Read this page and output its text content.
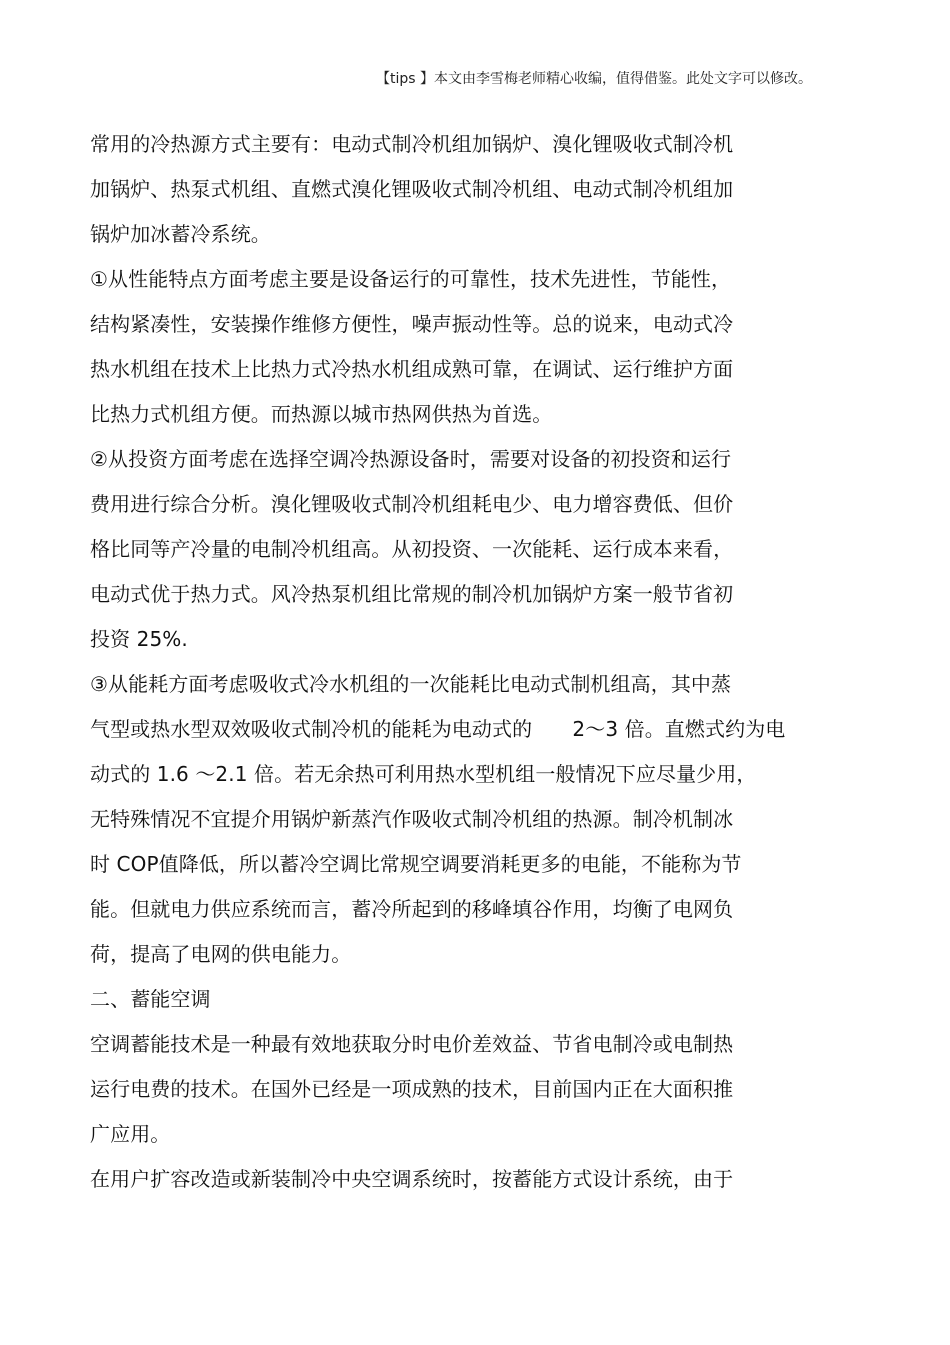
【tips 】本文由李雪梅老师精心收编，值得借鉴。此处文字可以修改。
常用的冷热源方式主要有：电动式制冷机组加锅炉、溴化锂吸收式制冷机
加锅炉、热泵式机组、直燃式溴化锂吸收式制冷机组、电动式制冷机组加
锅炉加冰蓄冷系统。
①从性能特点方面考虑主要是设备运行的可靠性，技术先进性，节能性，
结构紧凑性，安装操作维修方便性，噪声振动性等。总的说来，电动式冷
热水机组在技术上比热力式冷热水机组成熟可靠，在调试、运行维护方面
比热力式机组方便。而热源以城市热网供热为首选。
②从投资方面考虑在选择空调冷热源设备时，需要对设备的初投资和运行
费用进行综合分析。溴化锂吸收式制冷机组耗电少、电力增容费低、但价
格比同等产冷量的电制冷机组高。从初投资、一次能耗、运行成本来看，
电动式优于热力式。风冷热泵机组比常规的制冷机加锅炉方案一般节省初
投资 25%.
③从能耗方面考虑吸收式冷水机组的一次能耗比电动式制机组高，其中蒸
气型或热水型双效吸收式制冷机的能耗为电动式的　　2～3 倍。直燃式约为电
动式的 1.6 ～2.1 倍。若无余热可利用热水型机组一般情况下应尽量少用，
无特殊情况不宜提介用锅炉新蒸汽作吸收式制冷机组的热源。制冷机制冰
时 COP值降低，所以蓄冷空调比常规空调要消耗更多的电能，不能称为节
能。但就电力供应系统而言，蓄冷所起到的移峰填谷作用，均衡了电网负
荷，提高了电网的供电能力。
二、蓄能空调
空调蓄能技术是一种最有效地获取分时电价差效益、节省电制冷或电制热
运行电费的技术。在国外已经是一项成熟的技术，目前国内正在大面积推
广应用。
在用户扩容改造或新装制冷中央空调系统时，按蓄能方式设计系统，由于
